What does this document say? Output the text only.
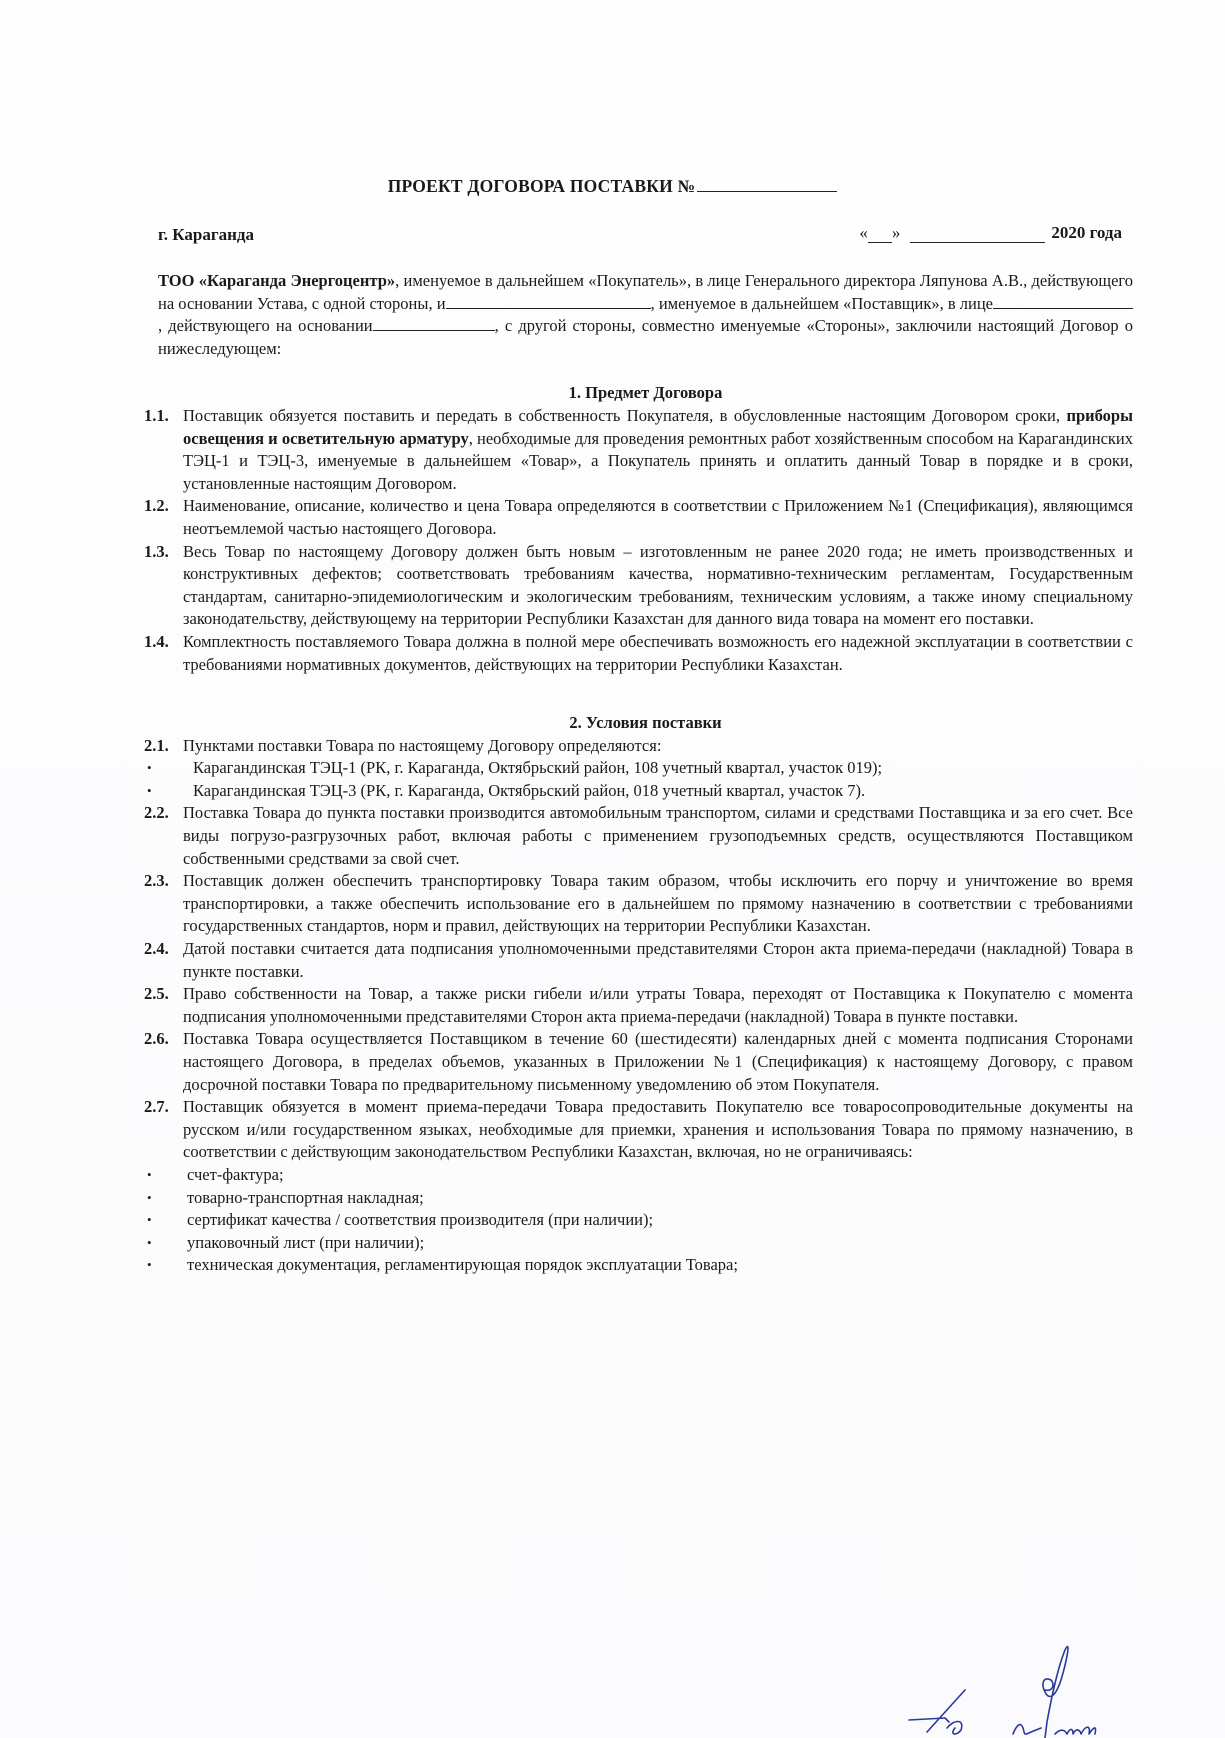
ПРОЕКТ ДОГОВОРА ПОСТАВКИ №
г. Караганда	« »	2020 года

ТОО «Караганда Энергоцентр», именуемое в дальнейшем «Покупатель», в лице Генерального директора Ляпунова А.В., действующего на основании Устава, с одной стороны, и	, именуемое в дальнейшем «Поставщик», в лице, действующего на основании	, с другой стороны, совместно именуемые «Стороны», заключили настоящий Договор о нижеследующем:

1. Предмет Договора

1.1. Поставщик обязуется поставить и передать в собственность Покупателя, в обусловленные настоящим Договором сроки, приборы освещения и осветительную арматуру, необходимые для проведения ремонтных работ хозяйственным способом на Карагандинских ТЭЦ-1 и ТЭЦ-3, именуемые в дальнейшем «Товар», а Покупатель принять и оплатить данный Товар в порядке и в сроки, установленные настоящим Договором.
1.2. Наименование, описание, количество и цена Товара определяются в соответствии с Приложением №1 (Спецификация), являющимся неотъемлемой частью настоящего Договора.
1.3. Весь Товар по настоящему Договору должен быть новым – изготовленным не ранее 2020 года; не иметь производственных и конструктивных дефектов; соответствовать требованиям качества, нормативно-техническим регламентам, Государственным стандартам, санитарно-эпидемиологическим и экологическим требованиям, техническим условиям, а также иному специальному законодательству, действующему на территории Республики Казахстан для данного вида товара на момент его поставки.
1.4. Комплектность поставляемого Товара должна в полной мере обеспечивать возможность его надежной эксплуатации в соответствии с требованиями нормативных документов, действующих на территории Республики Казахстан.

2. Условия поставки

2.1. Пунктами поставки Товара по настоящему Договору определяются:
•	Карагандинская ТЭЦ-1 (РК, г. Караганда, Октябрьский район, 108 учетный квартал, участок 019);
•	Карагандинская ТЭЦ-3 (РК, г. Караганда, Октябрьский район, 018 учетный квартал, участок 7).
2.2. Поставка Товара до пункта поставки производится автомобильным транспортом, силами и средствами Поставщика и за его счет. Все виды погрузо-разгрузочных работ, включая работы с применением грузоподъемных средств, осуществляются Поставщиком собственными средствами за свой счет.
2.3. Поставщик должен обеспечить транспортировку Товара таким образом, чтобы исключить его порчу и уничтожение во время транспортировки, а также обеспечить использование его в дальнейшем по прямому назначению в соответствии с требованиями государственных стандартов, норм и правил, действующих на территории Республики Казахстан.
2.4. Датой поставки считается дата подписания уполномоченными представителями Сторон акта приема-передачи (накладной) Товара в пункте поставки.
2.5. Право собственности на Товар, а также риски гибели и/или утраты Товара, переходят от Поставщика к Покупателю с момента подписания уполномоченными представителями Сторон акта приема-передачи (накладной) Товара в пункте поставки.
2.6. Поставка Товара осуществляется Поставщиком в течение 60 (шестидесяти) календарных дней с момента подписания Сторонами настоящего Договора, в пределах объемов, указанных в Приложении №1 (Спецификация) к настоящему Договору, с правом досрочной поставки Товара по предварительному письменному уведомлению об этом Покупателя.
2.7. Поставщик обязуется в момент приема-передачи Товара предоставить Покупателю все товаросопроводительные документы на русском и/или государственном языках, необходимые для приемки, хранения и использования Товара по прямому назначению, в соответствии с действующим законодательством Республики Казахстан, включая, но не ограничиваясь:
• счет-фактура;
• товарно-транспортная накладная;
• сертификат качества / соответствия производителя (при наличии);
• упаковочный лист (при наличии);
• техническая документация, регламентирующая порядок эксплуатации Товара;
